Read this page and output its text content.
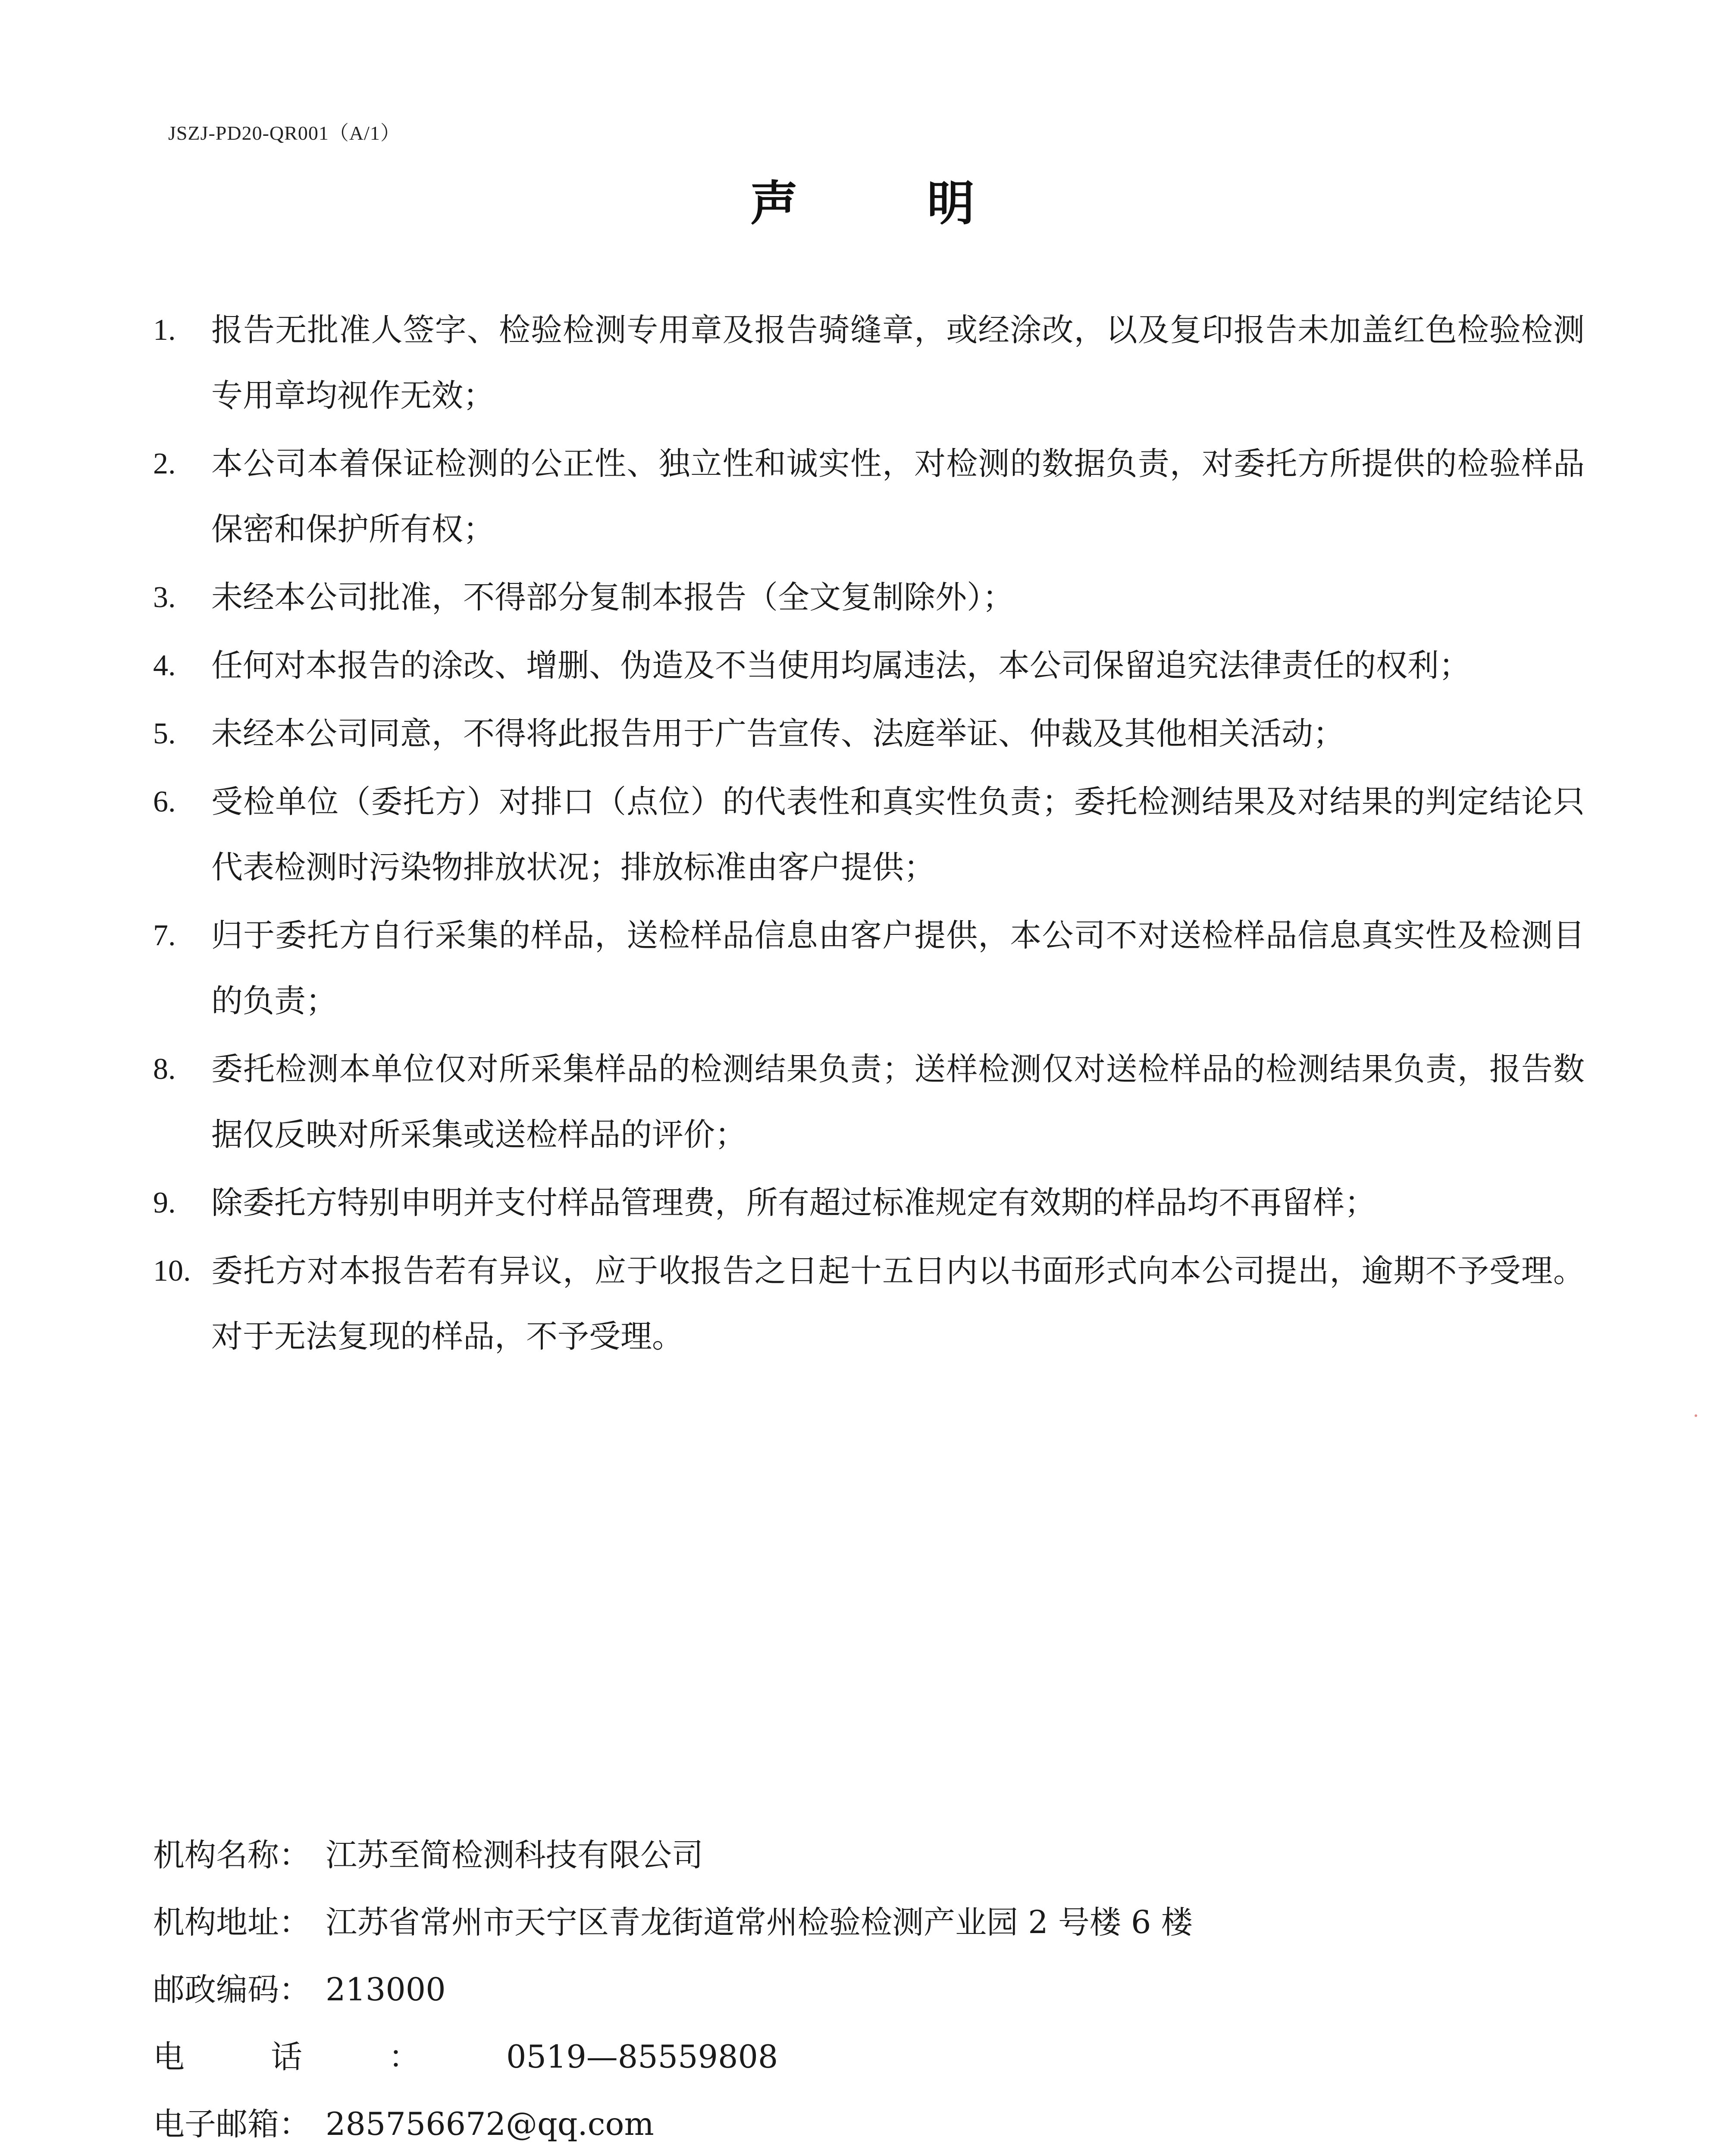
JSZJ-PD20-QR001（A/1）
声明
1. 报告无批准人签字、检验检测专用章及报告骑缝章，或经涂改，以及复印报告未加盖红色检验检测专用章均视作无效；
2. 本公司本着保证检测的公正性、独立性和诚实性，对检测的数据负责，对委托方所提供的检验样品保密和保护所有权；
3. 未经本公司批准，不得部分复制本报告（全文复制除外）；
4. 任何对本报告的涂改、增删、伪造及不当使用均属违法，本公司保留追究法律责任的权利；
5. 未经本公司同意，不得将此报告用于广告宣传、法庭举证、仲裁及其他相关活动；
6. 受检单位（委托方）对排口（点位）的代表性和真实性负责；委托检测结果及对结果的判定结论只代表检测时污染物排放状况；排放标准由客户提供；
7. 归于委托方自行采集的样品，送检样品信息由客户提供，本公司不对送检样品信息真实性及检测目的负责；
8. 委托检测本单位仅对所采集样品的检测结果负责；送样检测仅对送检样品的检测结果负责，报告数据仅反映对所采集或送检样品的评价；
9. 除委托方特别申明并支付样品管理费，所有超过标准规定有效期的样品均不再留样；
10. 委托方对本报告若有异议，应于收报告之日起十五日内以书面形式向本公司提出，逾期不予受理。对于无法复现的样品，不予受理。
机构名称： 江苏至简检测科技有限公司
机构地址： 江苏省常州市天宁区青龙街道常州检验检测产业园 2 号楼 6 楼
邮政编码： 213000
电话：0519—85559808
电子邮箱： 285756672@qq.com
